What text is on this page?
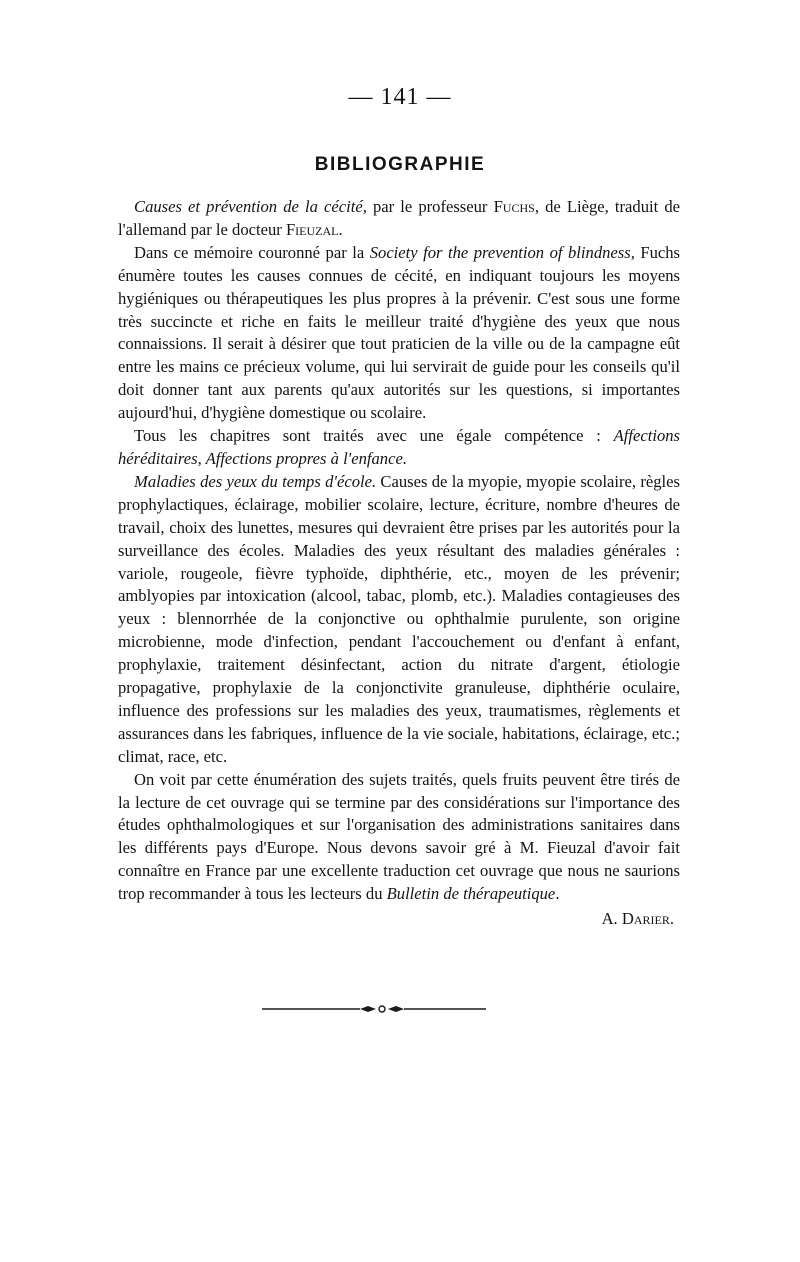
— 141 —
BIBLIOGRAPHIE

Causes et prévention de la cécité, par le professeur Fuchs, de Liège, traduit de l'allemand par le docteur Fieuzal.

Dans ce mémoire couronné par la Society for the prevention of blindness, Fuchs énumère toutes les causes connues de cécité, en indiquant toujours les moyens hygiéniques ou thérapeutiques les plus propres à la prévenir. C'est sous une forme très succincte et riche en faits le meilleur traité d'hygiène des yeux que nous connaissions. Il serait à désirer que tout praticien de la ville ou de la campagne eût entre les mains ce précieux volume, qui lui servirait de guide pour les conseils qu'il doit donner tant aux parents qu'aux autorités sur les questions, si importantes aujourd'hui, d'hygiène domestique ou scolaire.

Tous les chapitres sont traités avec une égale compétence : Affections héréditaires, Affections propres à l'enfance.

Maladies des yeux du temps d'école. Causes de la myopie, myopie scolaire, règles prophylactiques, éclairage, mobilier scolaire, lecture, écriture, nombre d'heures de travail, choix des lunettes, mesures qui devraient être prises par les autorités pour la surveillance des écoles. Maladies des yeux résultant des maladies générales : variole, rougeole, fièvre typhoïde, diphthérie, etc., moyen de les prévenir; amblyopies par intoxication (alcool, tabac, plomb, etc.). Maladies contagieuses des yeux : blennorrhée de la conjonctive ou ophthalmie purulente, son origine microbienne, mode d'infection, pendant l'accouchement ou d'enfant à enfant, prophylaxie, traitement désinfectant, action du nitrate d'argent, étiologie propagative, prophylaxie de la conjonctivite granuleuse, diphthérie oculaire, influence des professions sur les maladies des yeux, traumatismes, règlements et assurances dans les fabriques, influence de la vie sociale, habitations, éclairage, etc.; climat, race, etc.

On voit par cette énumération des sujets traités, quels fruits peuvent être tirés de la lecture de cet ouvrage qui se termine par des considérations sur l'importance des études ophthalmologiques et sur l'organisation des administrations sanitaires dans les différents pays d'Europe. Nous devons savoir gré à M. Fieuzal d'avoir fait connaître en France par une excellente traduction cet ouvrage que nous ne saurions trop recommander à tous les lecteurs du Bulletin de thérapeutique.

A. Darier.
